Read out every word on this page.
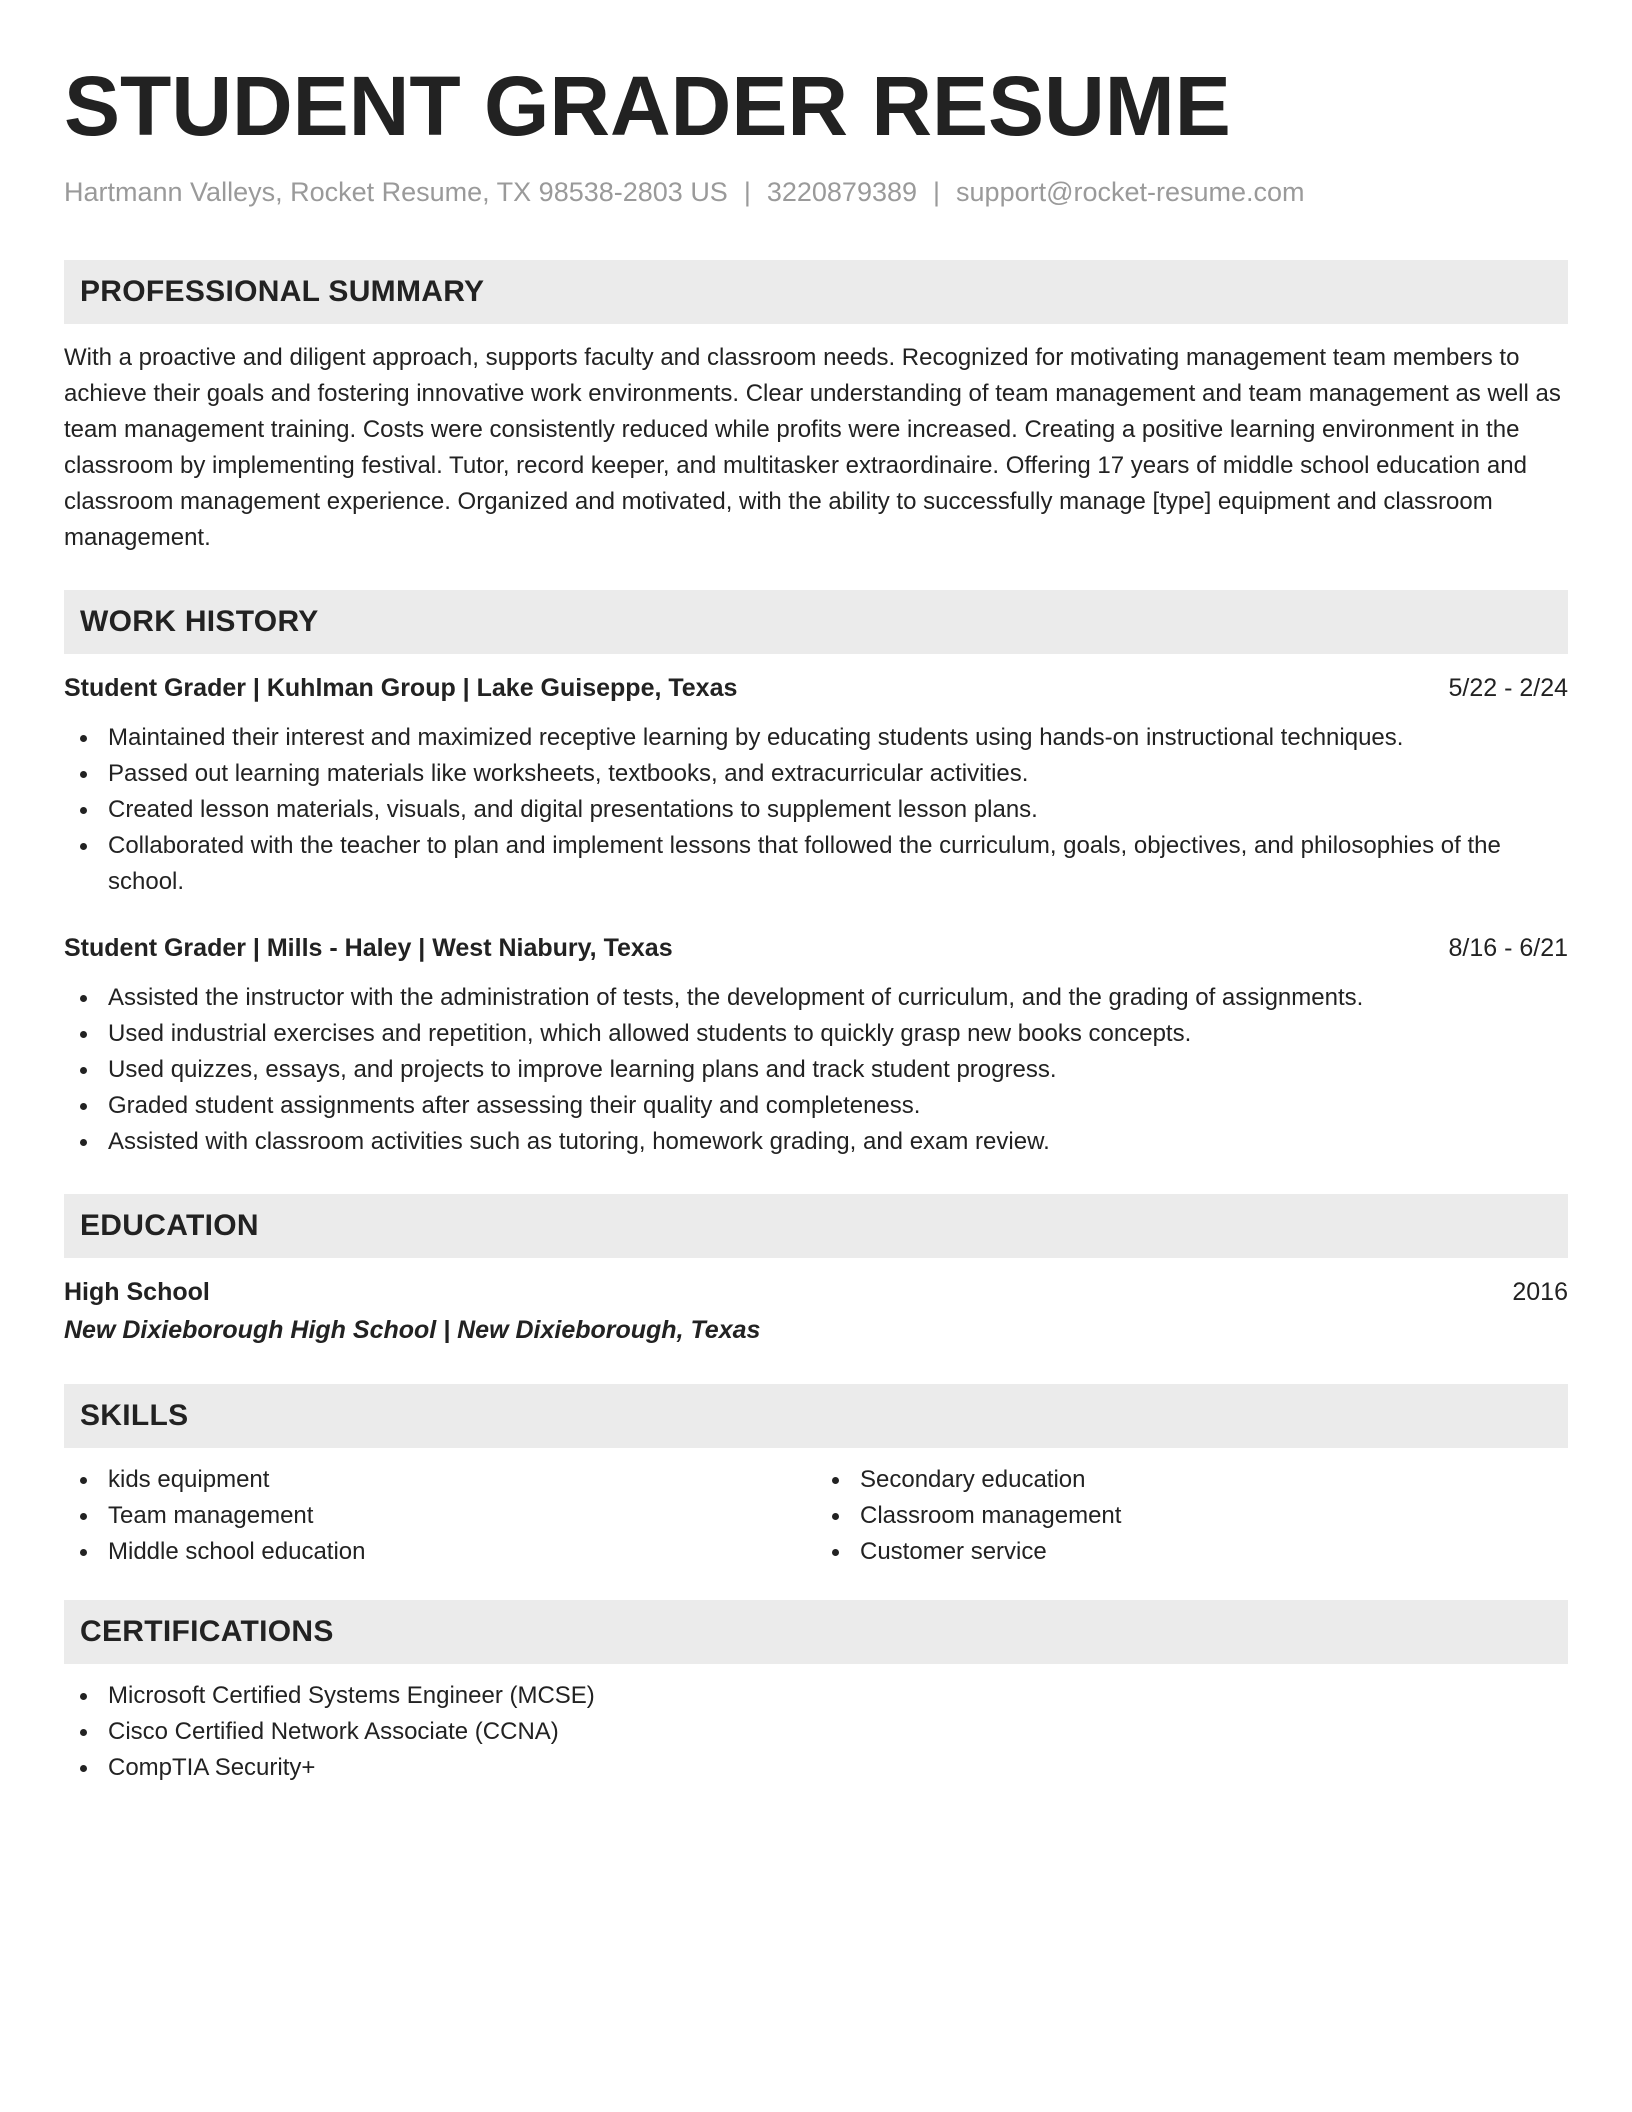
STUDENT GRADER RESUME
Hartmann Valleys, Rocket Resume, TX 98538-2803 US | 3220879389 | support@rocket-resume.com
PROFESSIONAL SUMMARY

With a proactive and diligent approach, supports faculty and classroom needs. Recognized for motivating management team members to achieve their goals and fostering innovative work environments. Clear understanding of team management and team management as well as team management training. Costs were consistently reduced while profits were increased. Creating a positive learning environment in the classroom by implementing festival. Tutor, record keeper, and multitasker extraordinaire. Offering 17 years of middle school education and classroom management experience. Organized and motivated, with the ability to successfully manage [type] equipment and classroom management.

WORK HISTORY
Student Grader | Kuhlman Group | Lake Guiseppe, Texas	5/22 - 2/24
Maintained their interest and maximized receptive learning by educating students using hands-on instructional techniques.
Passed out learning materials like worksheets, textbooks, and extracurricular activities.
Created lesson materials, visuals, and digital presentations to supplement lesson plans.
Collaborated with the teacher to plan and implement lessons that followed the curriculum, goals, objectives, and philosophies of the school.
Student Grader | Mills - Haley | West Niabury, Texas	8/16 - 6/21
Assisted the instructor with the administration of tests, the development of curriculum, and the grading of assignments.
Used industrial exercises and repetition, which allowed students to quickly grasp new books concepts.
Used quizzes, essays, and projects to improve learning plans and track student progress.
Graded student assignments after assessing their quality and completeness.
Assisted with classroom activities such as tutoring, homework grading, and exam review.
EDUCATION
High School	2016
New Dixieborough High School | New Dixieborough, Texas
SKILLS
kids equipment
Team management
Middle school education
Secondary education
Classroom management
Customer service
CERTIFICATIONS
Microsoft Certified Systems Engineer (MCSE)
Cisco Certified Network Associate (CCNA)
CompTIA Security+
